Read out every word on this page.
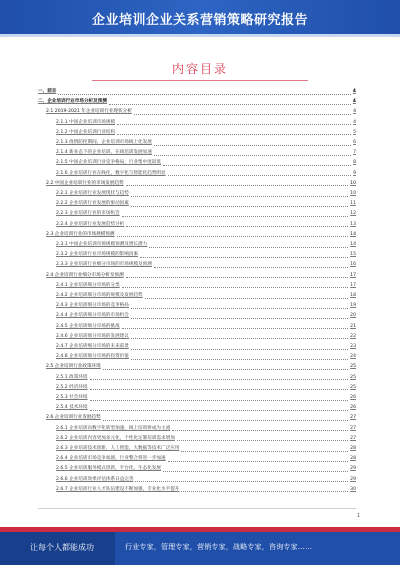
企业培训企业关系营销策略研究报告
内容目录
一、前言	4
二、企业培训行业市场分析及预测	4
2.1 2019-2021 年企业培训行业现状分析	4
2.1.1 中国企业培训市场规模	4
2.1.2 中国企业培训行业结构	5
2.1.3 疫情防控期间，企业培训市场线上化发展	6
2.1.4 新业态下的企业培训，在线培训发展加速	7
2.1.5 中国企业培训行业竞争格局，行业集中度较低	8
2.1.6 企业培训行业在线化，数字化与智能化趋势明显	9
2.2 中国企业培训行业的市场发展趋势	10
2.2.1 企业培训行业发展现状与趋势	10
2.2.2 企业培训行业发展的驱动因素	11
2.2.3 企业培训行业的市场机会	12
2.2.4 企业培训行业发展趋势分析	13
2.3 企业培训行业的市场规模预测	14
2.3.1 中国企业培训市场规模预测及增长潜力	14
2.3.2 企业培训行业市场规模的影响因素	15
2.3.3 企业培训行业细分市场的市场规模及预测	16
2.4 企业培训行业细分市场分析及预测	17
2.4.1 企业培训细分市场的分类	17
2.4.2 企业培训细分市场的规模及发展趋势	18
2.4.3 企业培训细分市场的竞争格局	19
2.4.4 企业培训细分市场的市场机会	20
2.4.5 企业培训细分市场的挑战	21
2.4.6 企业培训细分市场的发展建议	22
2.4.7 企业培训细分市场的未来前景	23
2.4.8 企业培训细分市场的投资价值	24
2.5 企业培训行业政策环境	25
2.5.1 政策环境	25
2.5.2 经济环境	25
2.5.3 社会环境	26
2.5.4 技术环境	26
2.6 企业培训行业发展趋势	27
2.6.1 企业培训向数字化转型加速，线上培训将成为主流	27
2.6.2 企业培训内容更加多元化，个性化定制培训需求增加	27
2.6.3 企业培训技术创新，人工智能、大数据等技术广泛应用	28
2.6.4 企业培训市场竞争加剧，行业整合将进一步加速	28
2.6.5 企业培训服务模式创新，平台化、生态化发展	29
2.6.6 企业培训效果评估体系日益完善	29
2.6.7 企业培训行业人才队伍建设不断加强，专业化水平提升	30
1
让每个人都能成功	行业专家，管理专家，营销专家，战略专家，咨询专家……
